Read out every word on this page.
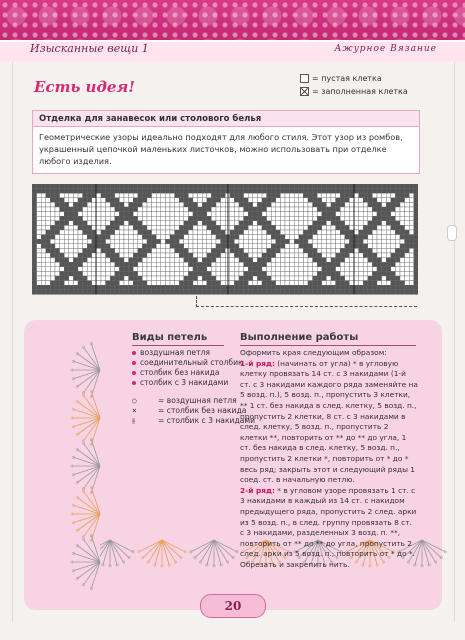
Изысканные вещи 1	Ажурное Вязание
Есть идея!	= пустая клетка
= заполненная клетка
Отделка для занавесок или столового белья
Геометрические узоры идеально подходят для любого стиля. Этот узор из ромбов, украшенный цепочкой маленьких листочков, можно использовать при отделке любого изделия.
Виды петель
воздушная петля
соединительный столбик
столбик без накида
столбик с 3 накидами
○	= воздушная петля
×	= столбик без накида
⫳	= столбик с 3 накидами
Выполнение работы
Оформить края следующим образом:
1-й ряд: (начинать от угла) * в угловую клетку провязать 14 ст. с 3 накидами (1-й ст. с 3 накидами каждого ряда заменяйте на 5 возд. п.), 5 возд. п., пропустить 3 клетки, ** 1 ст. без накида в след. клетку, 5 возд. п., пропустить 2 клетки, 8 ст. с 3 накидами в след. клетку, 5 возд. п., пропустить 2 клетки **, повторить от ** до ** до угла, 1 ст. без накида в след. клетку, 5 возд. п., пропустить 2 клетки *, повторить от * до * весь ряд; закрыть этот и следующий ряды 1 соед. ст. в начальную петлю.
2-й ряд: * в угловом узоре провязать 1 ст. с 3 накидами в каждый из 14 ст. с накидом предыдущего ряда, пропустить 2 след. арки из 5 возд. п., в след. группу провязать 8 ст. с 3 накидами, разделенных 3 возд. п. **, повторить от ** до ** до угла, пропустить 2 след. арки из 5 возд. п., повторить от * до *. Обрезать и закрепить нить.
20
